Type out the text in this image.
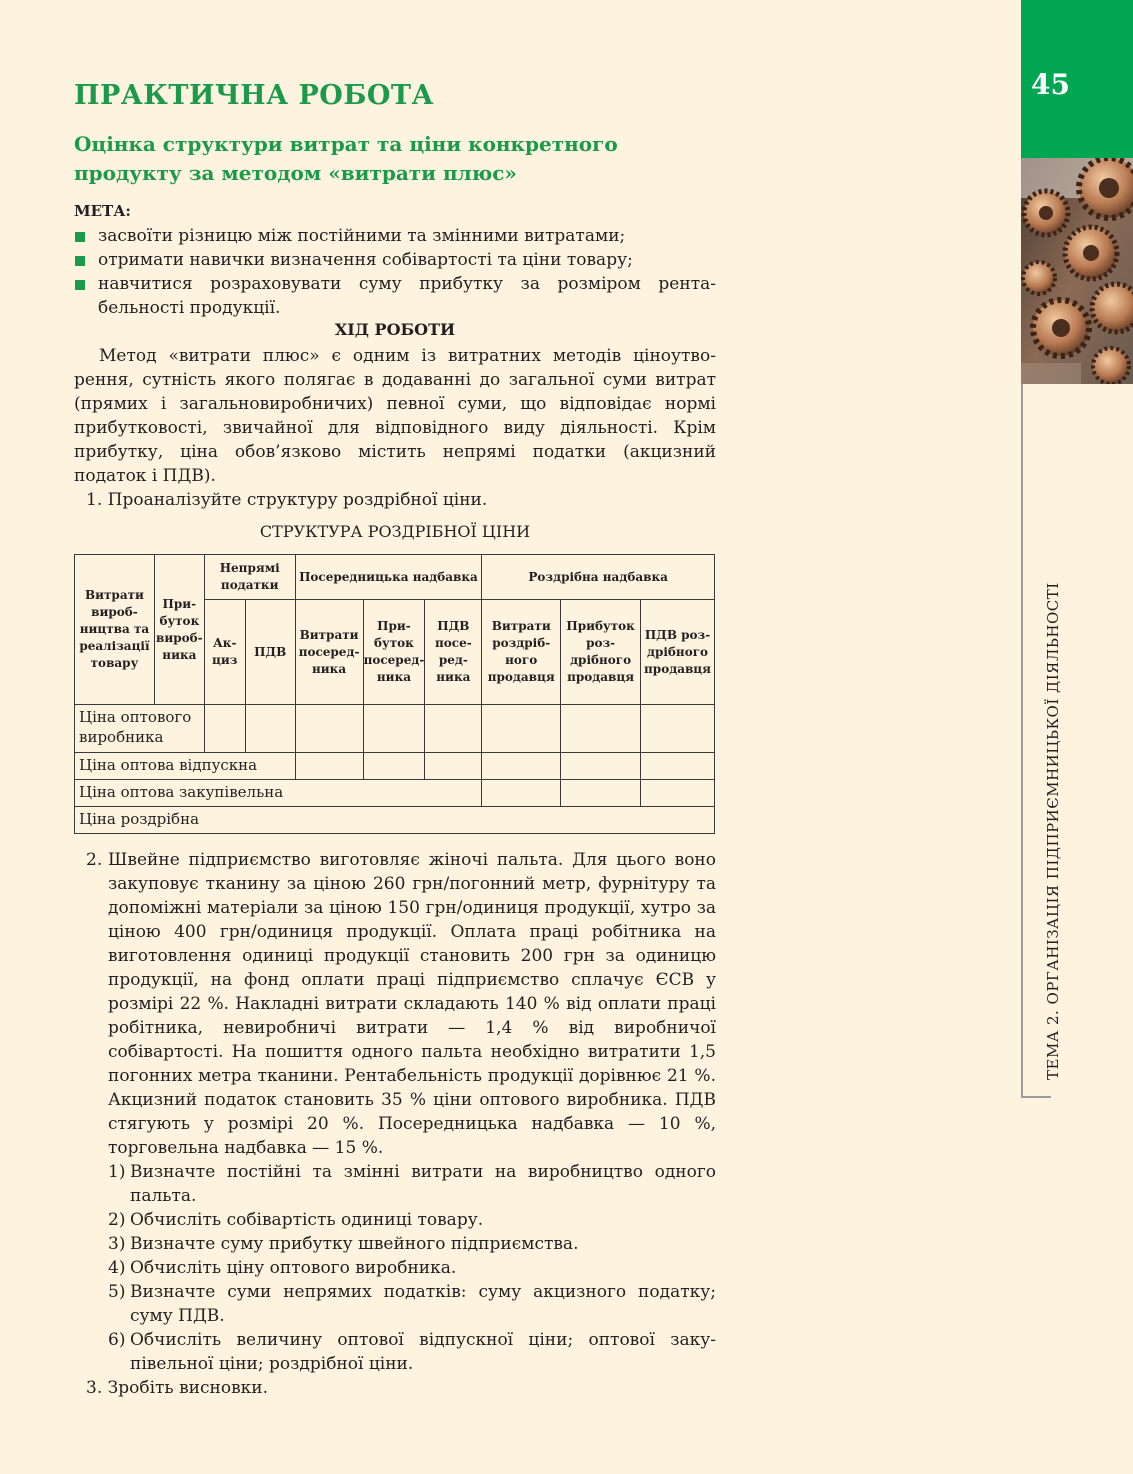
ПРАКТИЧНА РОБОТА
Оцінка структури витрат та ціни конкретного продукту за методом «витрати плюс»
МЕТА:
засвоїти різницю між постійними та змінними витратами;
отримати навички визначення собівартості та ціни товару;
навчитися розраховувати суму прибутку за розміром рентабельності продукції.
ХІД РОБОТИ

Метод «витрати плюс» є одним із витратних методів ціноутворення, сутність якого полягає в додаванні до загальної суми витрат (прямих і загальновиробничих) певної суми, що відповідає нормі прибутковості, звичайної для відповідного виду діяльності. Крім прибутку, ціна обов’язково містить непрямі податки (акцизний податок і ПДВ).

1. Проаналізуйте структуру роздрібної ціни.
СТРУКТУРА РОЗДРІБНОЇ ЦІНИ
Витрати виробництва та реалізації товару	Прибуток виробника	Непрямі податки		Посередницька надбавка			Роздрібна надбавка		
		Акциз	ПДВ	Витрати посередника	Прибуток посередника	ПДВ посередника	Витрати роздрібного продавця	Прибуток роздрібного продавця	ПДВ роздрібного продавця
Ціна оптового виробника									
Ціна оптова відпускна									
Ціна оптова закупівельна									
Ціна роздрібна									

2. Швейне підприємство виготовляє жіночі пальта. Для цього воно закуповує тканину за ціною 260 грн/погонний метр, фурнітуру та допоміжні матеріали за ціною 150 грн/одиниця продукції, хутро за ціною 400 грн/одиниця продукції. Оплата праці робітника на виготовлення одиниці продукції становить 200 грн за одиницю продукції, на фонд оплати праці підприємство сплачує ЄСВ у розмірі 22 %. Накладні витрати складають 140 % від оплати праці робітника, невиробничі витрати — 1,4 % від виробничої собівартості. На пошиття одного пальта необхідно витратити 1,5 погонних метра тканини. Рентабельність продукції дорівнює 21 %. Акцизний податок становить 35 % ціни оптового виробника. ПДВ стягують у розмірі 20 %. Посередницька надбавка — 10 %, торговельна надбавка — 15 %.

1) Визначте постійні та змінні витрати на виробництво одного пальта.

2) Обчисліть собівартість одиниці товару.

3) Визначте суму прибутку швейного підприємства.

4) Обчисліть ціну оптового виробника.

5) Визначте суми непрямих податків: суму акцизного податку; суму ПДВ.

6) Обчисліть величину оптової відпускної ціни; оптової закупівельної ціни; роздрібної ціни.

3. Зробіть висновки.

45
ТЕМА 2. ОРГАНІЗАЦІЯ ПІДПРИЄМНИЦЬКОЇ ДІЯЛЬНОСТІ
